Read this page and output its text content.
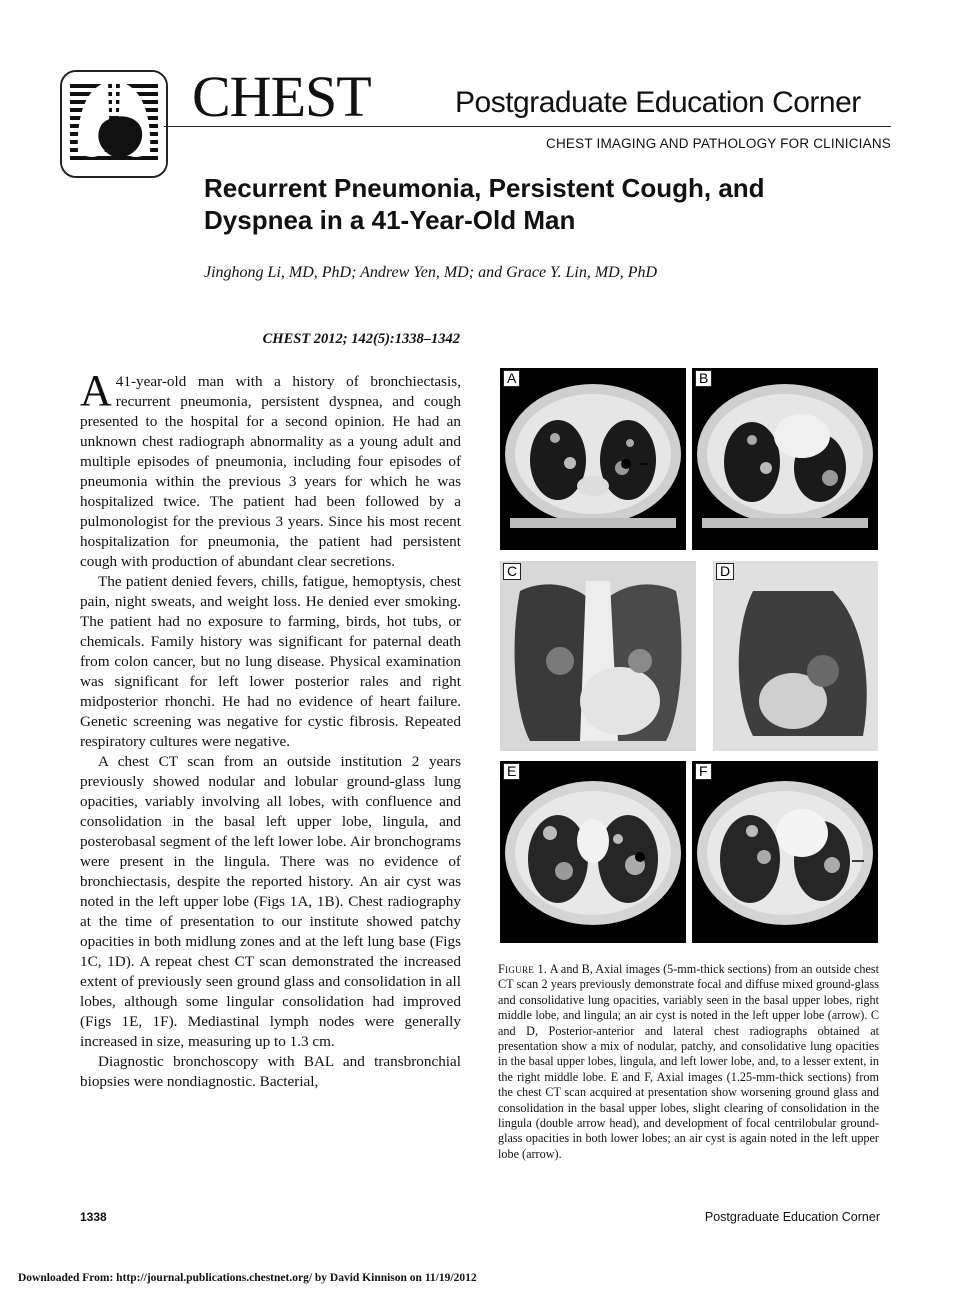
CHEST	Postgraduate Education Corner
CHEST IMAGING AND PATHOLOGY FOR CLINICIANS
Recurrent Pneumonia, Persistent Cough, and Dyspnea in a 41-Year-Old Man
Jinghong Li, MD, PhD; Andrew Yen, MD; and Grace Y. Lin, MD, PhD
CHEST 2012; 142(5):1338–1342

A 41-year-old man with a history of bronchiectasis, recurrent pneumonia, persistent dyspnea, and cough presented to the hospital for a second opinion. He had an unknown chest radiograph abnormality as a young adult and multiple episodes of pneumonia, including four episodes of pneumonia within the previous 3 years for which he was hospitalized twice. The patient had been followed by a pulmonologist for the previous 3 years. Since his most recent hospitalization for pneumonia, the patient had persistent cough with production of abundant clear secretions.

The patient denied fevers, chills, fatigue, hemoptysis, chest pain, night sweats, and weight loss. He denied ever smoking. The patient had no exposure to farming, birds, hot tubs, or chemicals. Family history was significant for paternal death from colon cancer, but no lung disease. Physical examination was significant for left lower posterior rales and right midposterior rhonchi. He had no evidence of heart failure. Genetic screening was negative for cystic fibrosis. Repeated respiratory cultures were negative.

A chest CT scan from an outside institution 2 years previously showed nodular and lobular ground-glass lung opacities, variably involving all lobes, with confluence and consolidation in the basal left upper lobe, lingula, and posterobasal segment of the left lower lobe. Air bronchograms were present in the lingula. There was no evidence of bronchiectasis, despite the reported history. An air cyst was noted in the left upper lobe (Figs 1A, 1B). Chest radiography at the time of presentation to our institute showed patchy opacities in both midlung zones and at the left lung base (Figs 1C, 1D). A repeat chest CT scan demonstrated the increased extent of previously seen ground glass and consolidation in all lobes, although some lingular consolidation had improved (Figs 1E, 1F). Mediastinal lymph nodes were generally increased in size, measuring up to 1.3 cm.

Diagnostic bronchoscopy with BAL and transbronchial biopsies were nondiagnostic. Bacterial,

A	B
C	D
E	F
Figure 1. A and B, Axial images (5-mm-thick sections) from an outside chest CT scan 2 years previously demonstrate focal and diffuse mixed ground-glass and consolidative lung opacities, variably seen in the basal upper lobes, right middle lobe, and lingula; an air cyst is noted in the left upper lobe (arrow). C and D, Posterior-anterior and lateral chest radiographs obtained at presentation show a mix of nodular, patchy, and consolidative lung opacities in the basal upper lobes, lingula, and left lower lobe, and, to a lesser extent, in the right middle lobe. E and F, Axial images (1.25-mm-thick sections) from the chest CT scan acquired at presentation show worsening ground glass and consolidation in the basal upper lobes, slight clearing of consolidation in the lingula (double arrow head), and development of focal centrilobular ground-glass opacities in both lower lobes; an air cyst is again noted in the left upper lobe (arrow).
1338	Postgraduate Education Corner
Downloaded From: http://journal.publications.chestnet.org/ by David Kinnison on 11/19/2012
